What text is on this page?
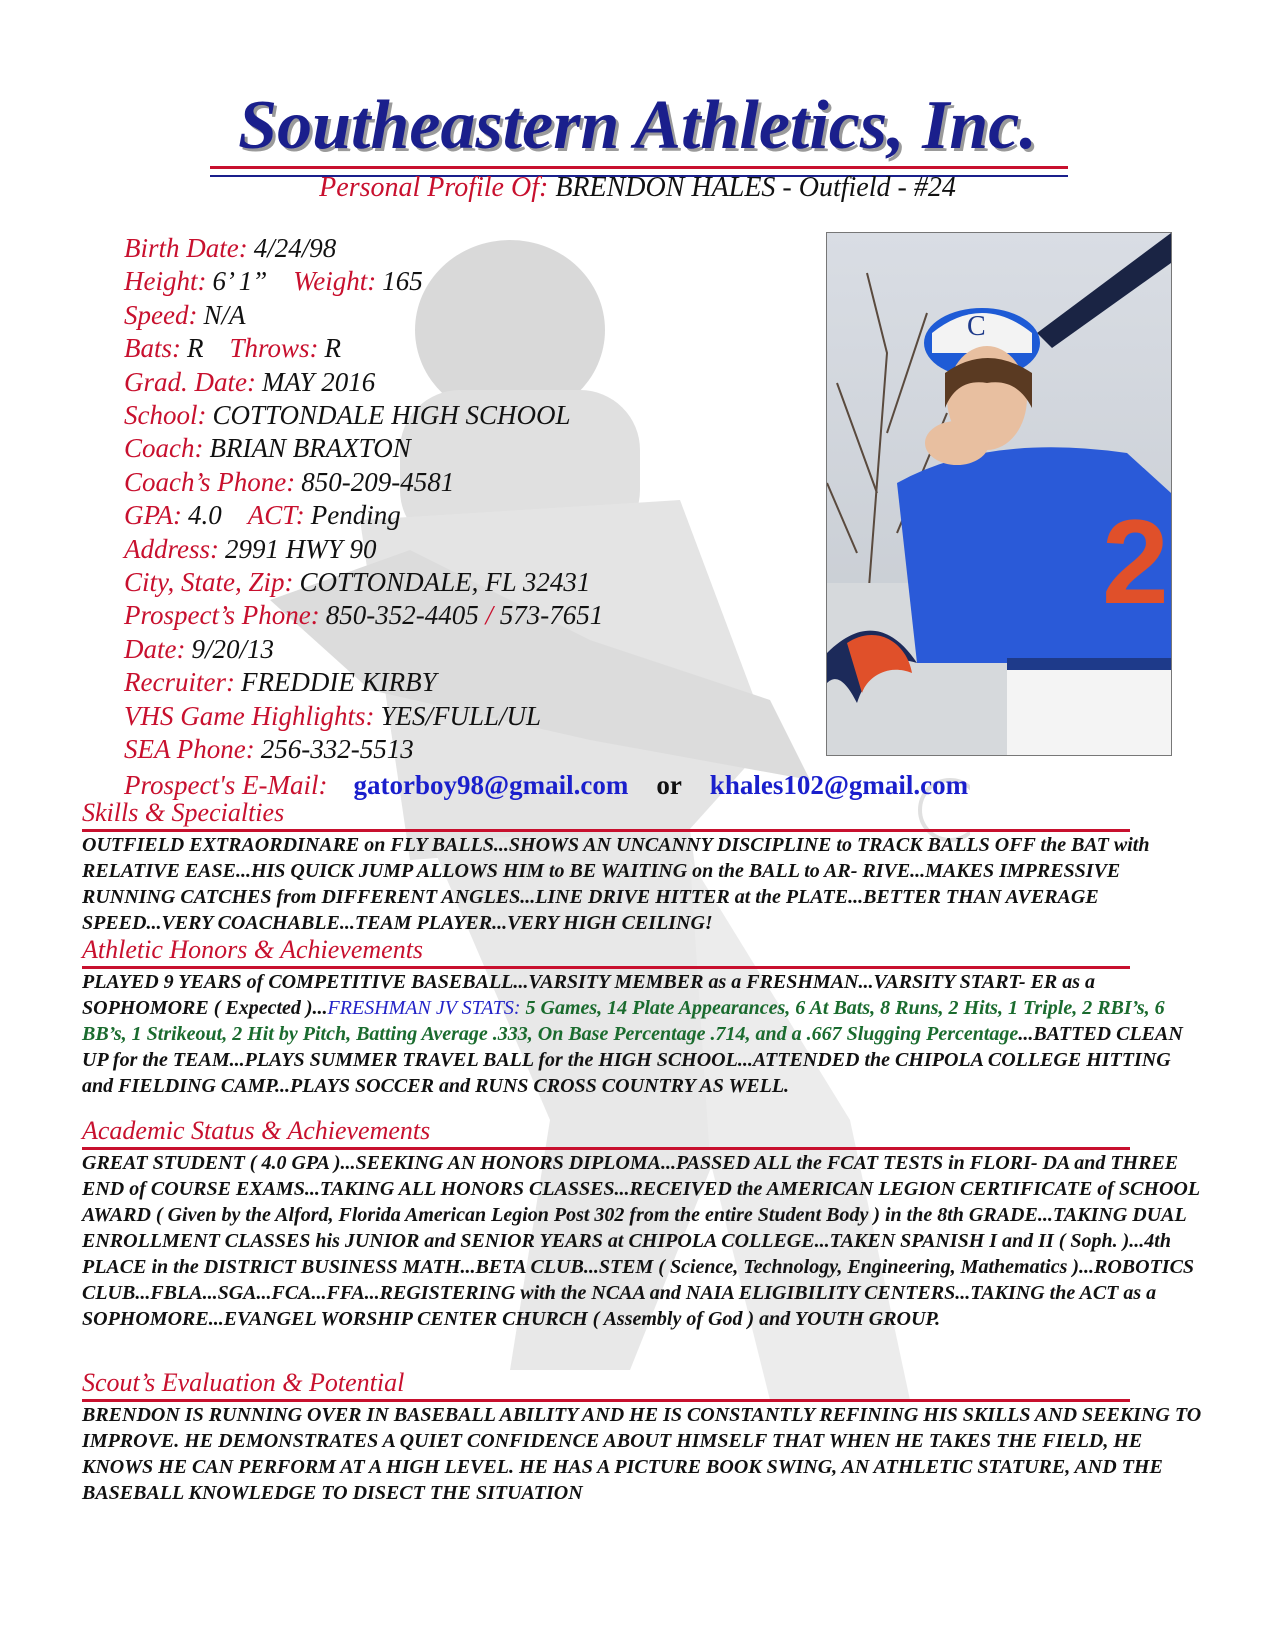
Southeastern Athletics, Inc.
Personal Profile Of: BRENDON HALES - Outfield - #24
Birth Date: 4/24/98
Height: 6’ 1” Weight: 165
Speed: N/A
Bats: R Throws: R
Grad. Date: MAY 2016
School: COTTONDALE HIGH SCHOOL
Coach: BRIAN BRAXTON
Coach’s Phone: 850-209-4581
GPA: 4.0 ACT: Pending
Address: 2991 HWY 90
City, State, Zip: COTTONDALE, FL 32431
Prospect’s Phone: 850-352-4405 / 573-7651
Date: 9/20/13
Recruiter: FREDDIE KIRBY
VHS Game Highlights: YES/FULL/UL
SEA Phone: 256-332-5513
Prospect's E-Mail: gatorboy98@gmail.com or khales102@gmail.com
C
2
Skills & Specialties
OUTFIELD EXTRAORDINARE on FLY BALLS...SHOWS AN UNCANNY DISCIPLINE to TRACK BALLS OFF the BAT with RELATIVE EASE...HIS QUICK JUMP ALLOWS HIM to BE WAITING on the BALL to AR- RIVE...MAKES IMPRESSIVE RUNNING CATCHES from DIFFERENT ANGLES...LINE DRIVE HITTER at the PLATE...BETTER THAN AVERAGE SPEED...VERY COACHABLE...TEAM PLAYER...VERY HIGH CEILING!
Athletic Honors & Achievements
PLAYED 9 YEARS of COMPETITIVE BASEBALL...VARSITY MEMBER as a FRESHMAN...VARSITY START- ER as a SOPHOMORE ( Expected )...FRESHMAN JV STATS: 5 Games, 14 Plate Appearances, 6 At Bats, 8 Runs, 2 Hits, 1 Triple, 2 RBI’s, 6 BB’s, 1 Strikeout, 2 Hit by Pitch, Batting Average .333, On Base Percentage .714, and a .667 Slugging Percentage...BATTED CLEAN UP for the TEAM...PLAYS SUMMER TRAVEL BALL for the HIGH SCHOOL...ATTENDED the CHIPOLA COLLEGE HITTING and FIELDING CAMP...PLAYS SOCCER and RUNS CROSS COUNTRY AS WELL.
Academic Status & Achievements
GREAT STUDENT ( 4.0 GPA )...SEEKING AN HONORS DIPLOMA...PASSED ALL the FCAT TESTS in FLORI- DA and THREE END of COURSE EXAMS...TAKING ALL HONORS CLASSES...RECEIVED the AMERICAN LEGION CERTIFICATE of SCHOOL AWARD ( Given by the Alford, Florida American Legion Post 302 from the entire Student Body ) in the 8th GRADE...TAKING DUAL ENROLLMENT CLASSES his JUNIOR and SENIOR YEARS at CHIPOLA COLLEGE...TAKEN SPANISH I and II ( Soph. )...4th PLACE in the DISTRICT BUSINESS MATH...BETA CLUB...STEM ( Science, Technology, Engineering, Mathematics )...ROBOTICS CLUB...FBLA...SGA...FCA...FFA...REGISTERING with the NCAA and NAIA ELIGIBILITY CENTERS...TAKING the ACT as a SOPHOMORE...EVANGEL WORSHIP CENTER CHURCH ( Assembly of God ) and YOUTH GROUP.
Scout’s Evaluation & Potential
BRENDON IS RUNNING OVER IN BASEBALL ABILITY AND HE IS CONSTANTLY REFINING HIS SKILLS AND SEEKING TO IMPROVE. HE DEMONSTRATES A QUIET CONFIDENCE ABOUT HIMSELF THAT WHEN HE TAKES THE FIELD, HE KNOWS HE CAN PERFORM AT A HIGH LEVEL. HE HAS A PICTURE BOOK SWING, AN ATHLETIC STATURE, AND THE BASEBALL KNOWLEDGE TO DISECT THE SITUATION
